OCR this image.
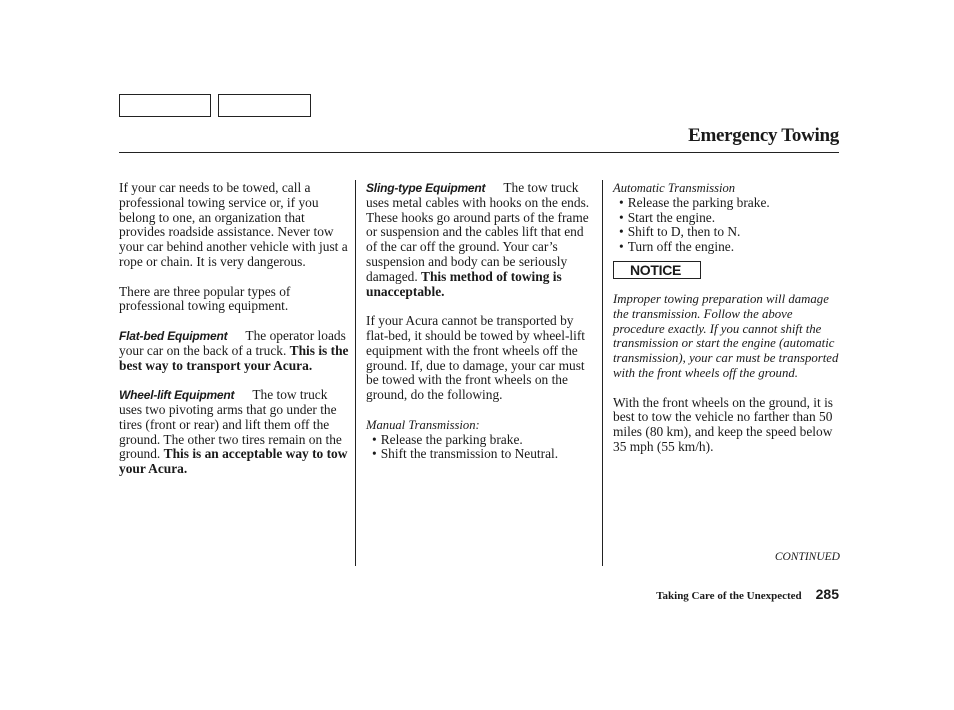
Emergency Towing

If your car needs to be towed, call a professional towing service or, if you belong to one, an organization that provides roadside assistance. Never tow your car behind another vehicle with just a rope or chain. It is very dangerous.

There are three popular types of professional towing equipment.

Flat-bed Equipment The operator loads your car on the back of a truck. This is the best way to transport your Acura.

Wheel-lift Equipment The tow truck uses two pivoting arms that go under the tires (front or rear) and lift them off the ground. The other two tires remain on the ground. This is an acceptable way to tow your Acura.

Sling-type Equipment The tow truck uses metal cables with hooks on the ends. These hooks go around parts of the frame or suspension and the cables lift that end of the car off the ground. Your car’s suspension and body can be seriously damaged. This method of towing is unacceptable.

If your Acura cannot be transported by flat-bed, it should be towed by wheel-lift equipment with the front wheels off the ground. If, due to damage, your car must be towed with the front wheels on the ground, do the following.

Manual Transmission:
• Release the parking brake.
• Shift the transmission to Neutral.
Automatic Transmission
• Release the parking brake.
• Start the engine.
• Shift to D, then to N.
• Turn off the engine.
NOTICE
Improper towing preparation will damage the transmission. Follow the above procedure exactly. If you cannot shift the transmission or start the engine (automatic transmission), your car must be transported with the front wheels off the ground.

With the front wheels on the ground, it is best to tow the vehicle no farther than 50 miles (80 km), and keep the speed below 35 mph (55 km/h).

CONTINUED
Taking Care of the Unexpected 285
